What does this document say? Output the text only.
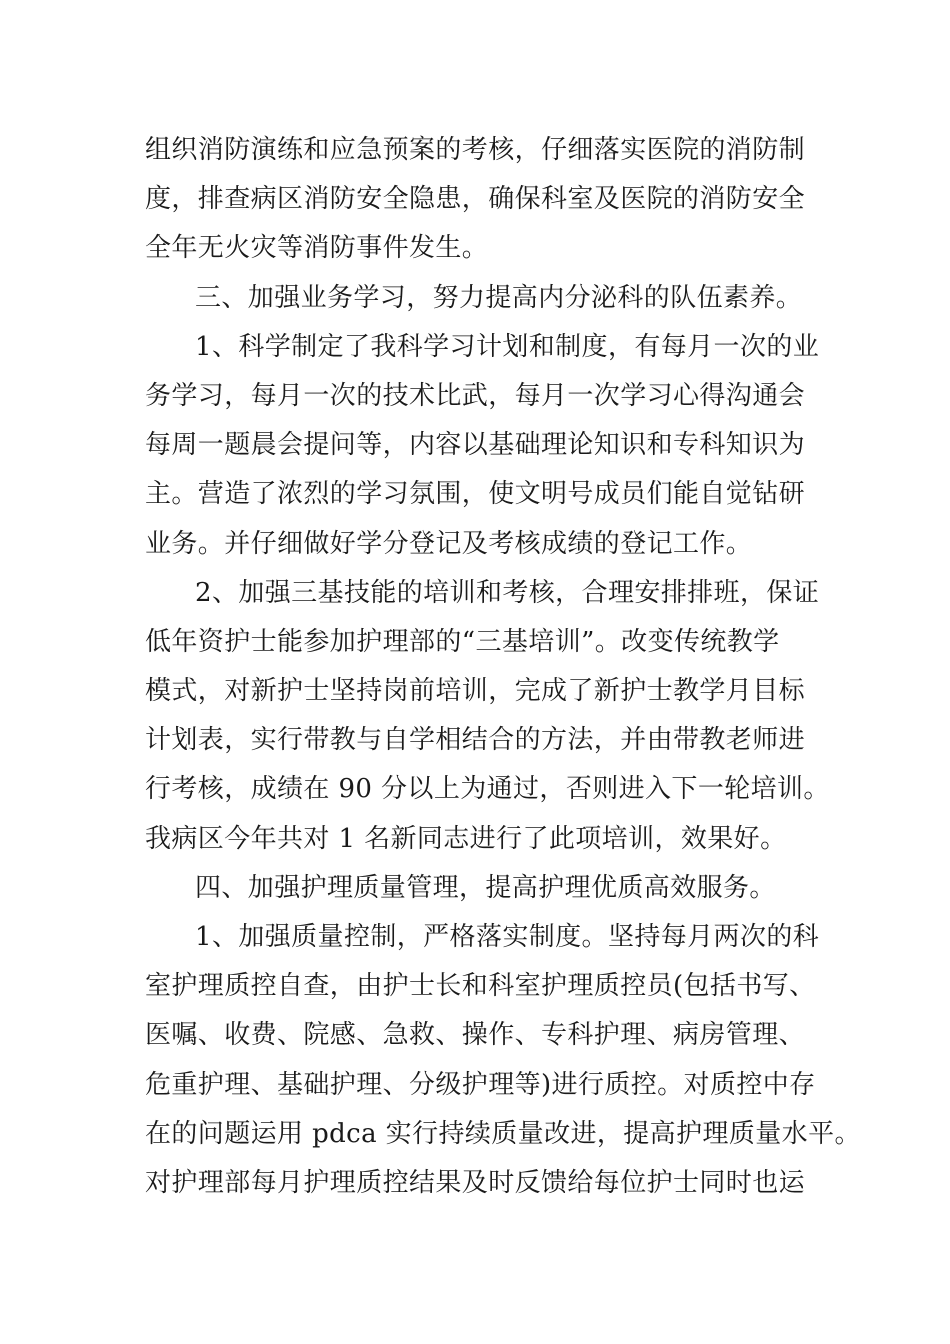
组织消防演练和应急预案的考核，仔细落实医院的消防制
度，排查病区消防安全隐患，确保科室及医院的消防安全
全年无火灾等消防事件发生。
三、加强业务学习，努力提高内分泌科的队伍素养。
1、科学制定了我科学习计划和制度，有每月一次的业
务学习，每月一次的技术比武，每月一次学习心得沟通会
每周一题晨会提问等，内容以基础理论知识和专科知识为
主。营造了浓烈的学习氛围，使文明号成员们能自觉钻研
业务。并仔细做好学分登记及考核成绩的登记工作。
2、加强三基技能的培训和考核，合理安排排班，保证
低年资护士能参加护理部的“三基培训”。改变传统教学
模式，对新护士坚持岗前培训，完成了新护士教学月目标
计划表，实行带教与自学相结合的方法，并由带教老师进
行考核，成绩在 90 分以上为通过，否则进入下一轮培训。
我病区今年共对 1 名新同志进行了此项培训，效果好。
四、加强护理质量管理，提高护理优质高效服务。
1、加强质量控制，严格落实制度。坚持每月两次的科
室护理质控自查，由护士长和科室护理质控员(包括书写、
医嘱、收费、院感、急救、操作、专科护理、病房管理、
危重护理、基础护理、分级护理等)进行质控。对质控中存
在的问题运用 pdca 实行持续质量改进，提高护理质量水平。
对护理部每月护理质控结果及时反馈给每位护士同时也运
